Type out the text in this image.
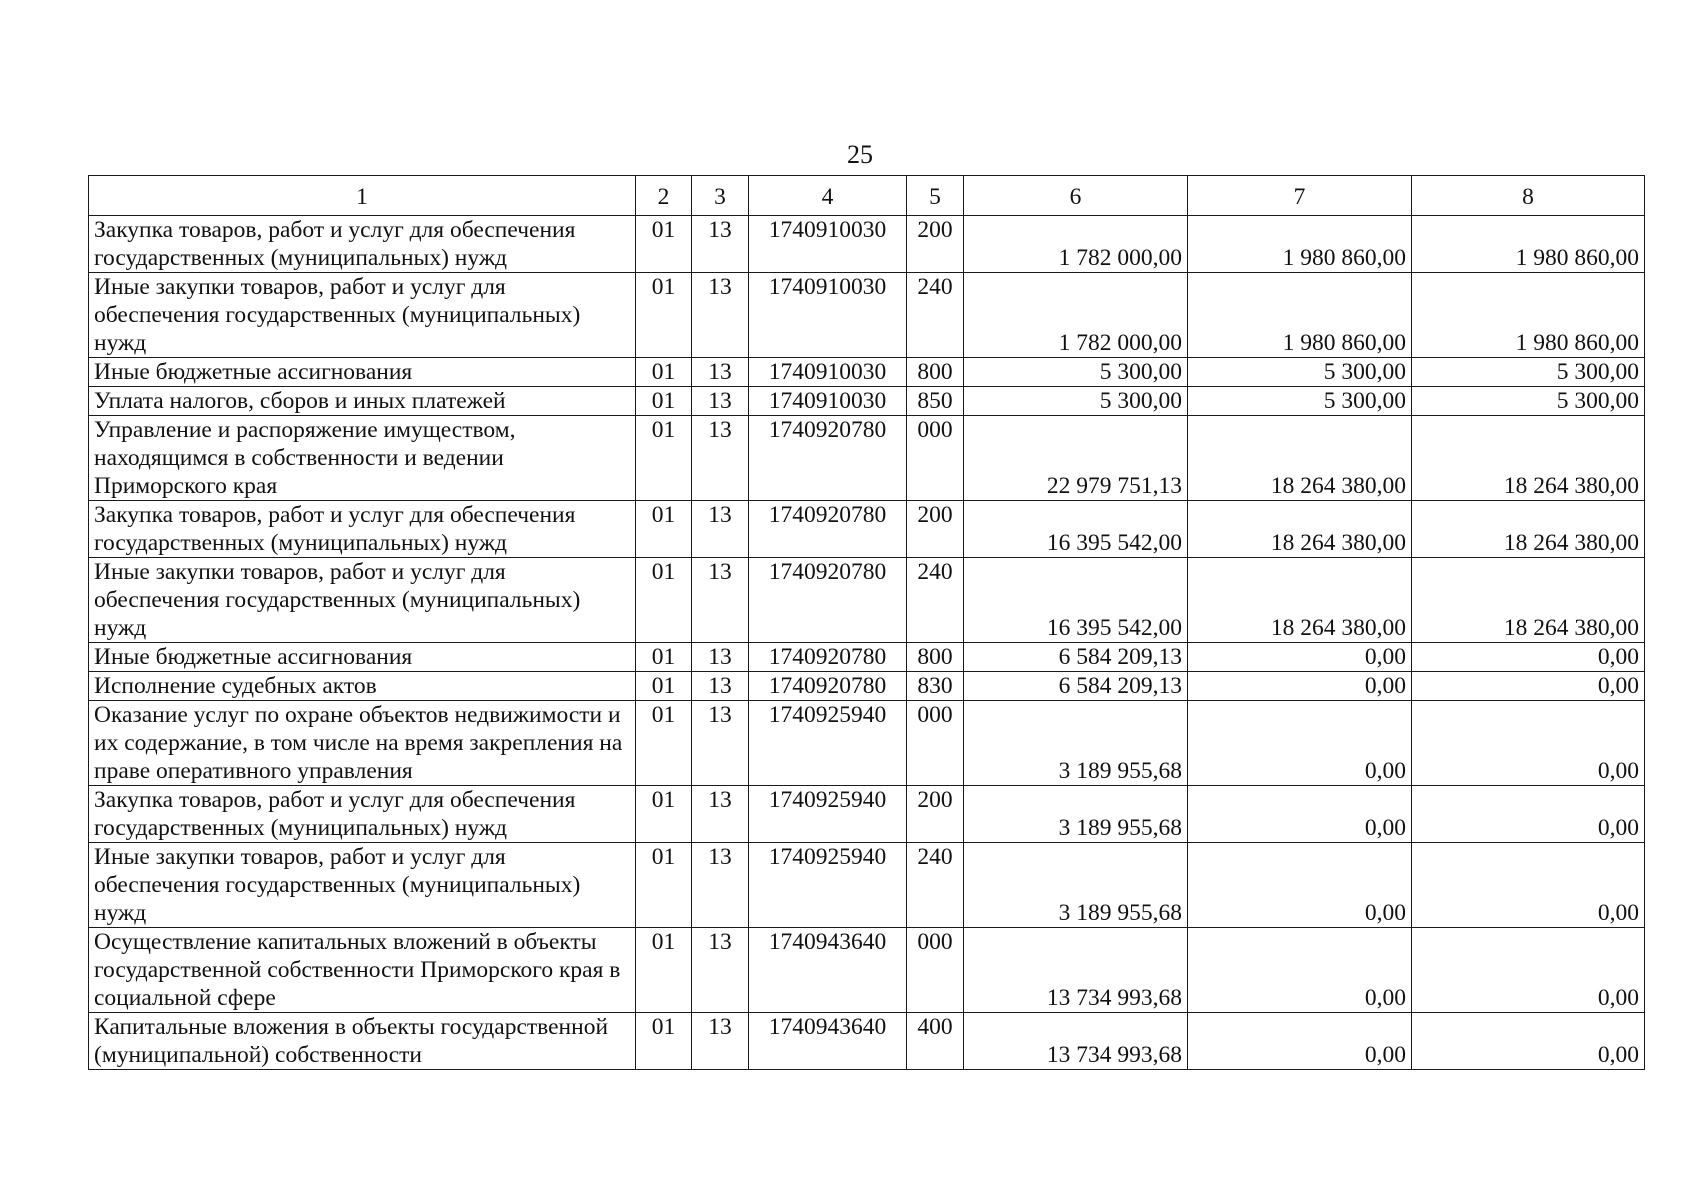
25
1	2	3	4	5	6	7	8
Закупка товаров, работ и услуг для обеспечения государственных (муниципальных) нужд	01	13	1740910030	200	1 782 000,00	1 980 860,00	1 980 860,00
Иные закупки товаров, работ и услуг для обеспечения государственных (муниципальных) нужд	01	13	1740910030	240	1 782 000,00	1 980 860,00	1 980 860,00
Иные бюджетные ассигнования	01	13	1740910030	800	5 300,00	5 300,00	5 300,00
Уплата налогов, сборов и иных платежей	01	13	1740910030	850	5 300,00	5 300,00	5 300,00
Управление и распоряжение имуществом, находящимся в собственности и ведении Приморского края	01	13	1740920780	000	22 979 751,13	18 264 380,00	18 264 380,00
Закупка товаров, работ и услуг для обеспечения государственных (муниципальных) нужд	01	13	1740920780	200	16 395 542,00	18 264 380,00	18 264 380,00
Иные закупки товаров, работ и услуг для обеспечения государственных (муниципальных) нужд	01	13	1740920780	240	16 395 542,00	18 264 380,00	18 264 380,00
Иные бюджетные ассигнования	01	13	1740920780	800	6 584 209,13	0,00	0,00
Исполнение судебных актов	01	13	1740920780	830	6 584 209,13	0,00	0,00
Оказание услуг по охране объектов недвижимости и их содержание, в том числе на время закрепления на праве оперативного управления	01	13	1740925940	000	3 189 955,68	0,00	0,00
Закупка товаров, работ и услуг для обеспечения государственных (муниципальных) нужд	01	13	1740925940	200	3 189 955,68	0,00	0,00
Иные закупки товаров, работ и услуг для обеспечения государственных (муниципальных) нужд	01	13	1740925940	240	3 189 955,68	0,00	0,00
Осуществление капитальных вложений в объекты государственной собственности Приморского края в социальной сфере	01	13	1740943640	000	13 734 993,68	0,00	0,00
Капитальные вложения в объекты государственной (муниципальной) собственности	01	13	1740943640	400	13 734 993,68	0,00	0,00
